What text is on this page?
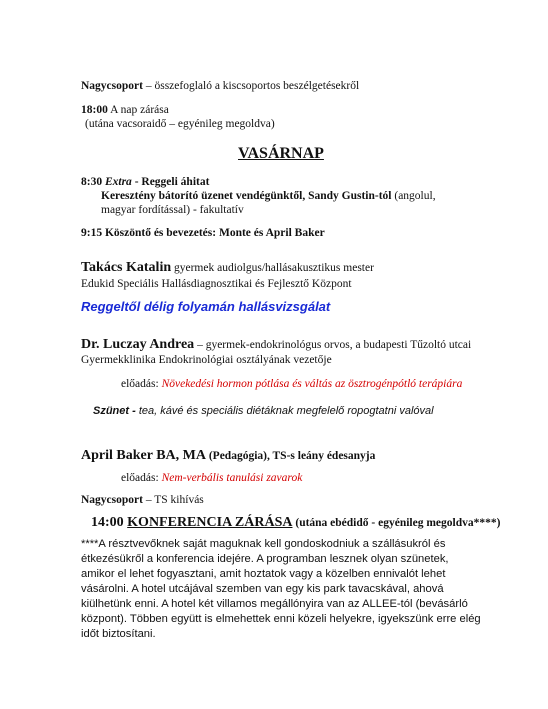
Nagycsoport – összefoglaló a kiscsoportos beszélgetésekről
18:00 A nap zárása
(utána vacsoraidő – egyénileg megoldva)
VASÁRNAP
8:30 Extra - Reggeli áhitat
Keresztény bátorító üzenet vendégünktől, Sandy Gustin-tól (angolul,
magyar fordítással) - fakultatív
9:15 Köszöntő és bevezetés: Monte és April Baker
Takács Katalin gyermek audiolgus/hallásakusztikus mester
Edukid Speciális Hallásdiagnosztikai és Fejlesztő Központ
Reggeltől délig folyamán hallásvizsgálat
Dr. Luczay Andrea – gyermek-endokrinológus orvos, a budapesti Tűzoltó utcai
Gyermekklinika Endokrinológiai osztályának vezetője
előadás: Növekedési hormon pótlása és váltás az ösztrogénpótló terápiára
Szünet - tea, kávé és speciális diétáknak megfelelő ropogtatni valóval
April Baker BA, MA (Pedagógia), TS-s leány édesanyja
előadás: Nem-verbális tanulási zavarok
Nagycsoport – TS kihívás
14:00 KONFERENCIA ZÁRÁSA (utána ebédidő - egyénileg megoldva****)
****A résztvevőknek saját maguknak kell gondoskodniuk a szállásukról és
étkezésükről a konferencia idejére. A programban lesznek olyan szünetek,
amikor el lehet fogyasztani, amit hoztatok vagy a közelben ennivalót lehet
vásárolni. A hotel utcájával szemben van egy kis park tavacskával, ahová
kiülhetünk enni. A hotel két villamos megállónyira van az ALLEE-tól (bevásárló
központ). Többen együtt is elmehettek enni közeli helyekre, igyekszünk erre elég
időt biztosítani.
